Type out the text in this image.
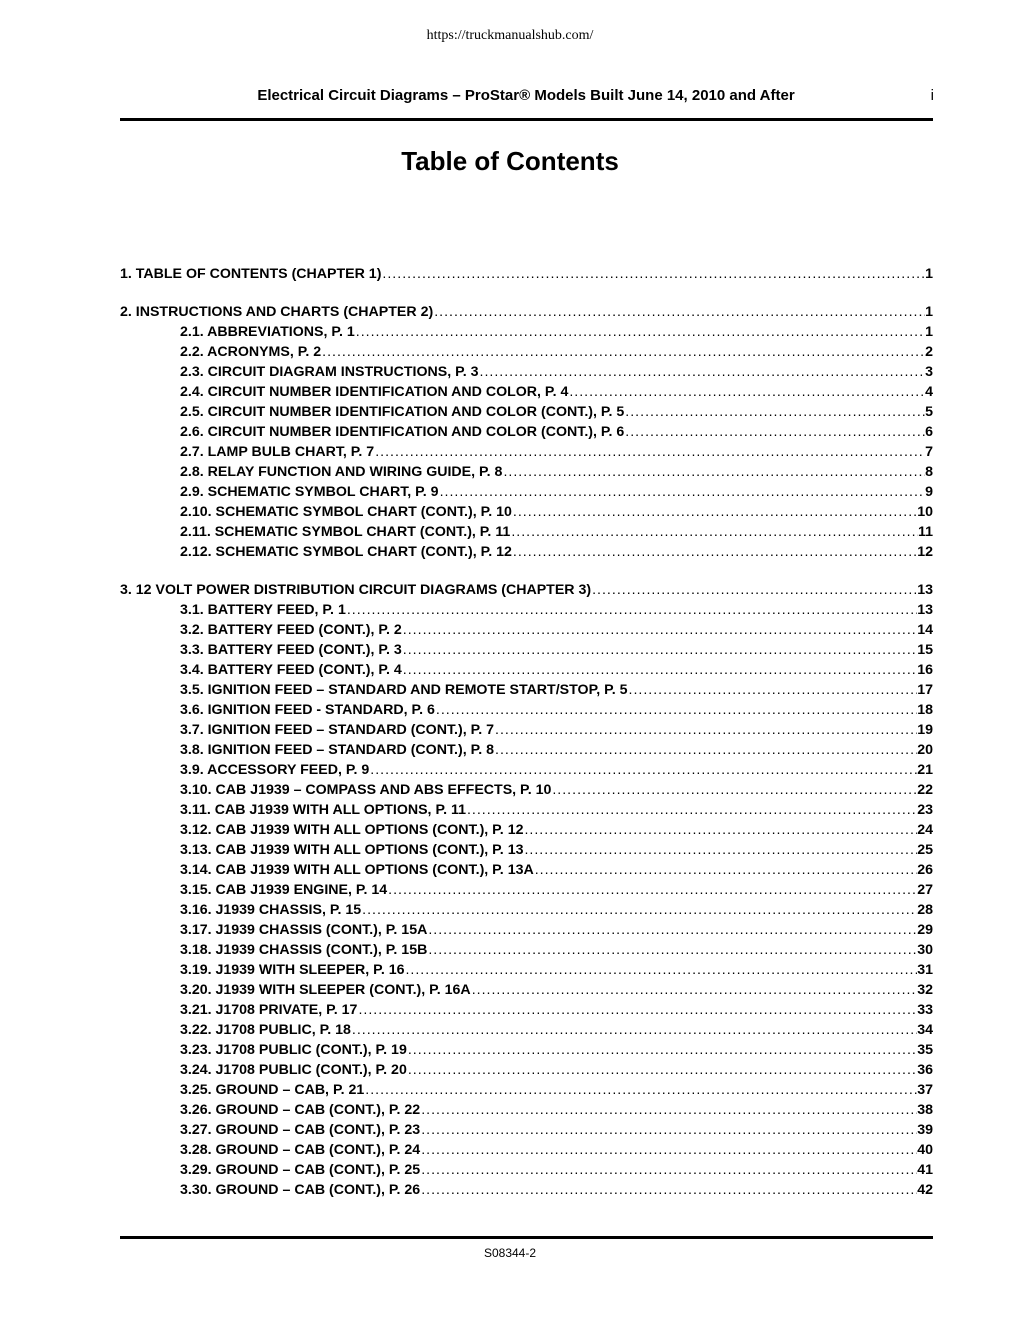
https://truckmanualshub.com/
Electrical Circuit Diagrams – ProStar® Models Built June 14, 2010 and After	i
Table of Contents
1. TABLE OF CONTENTS (CHAPTER 1) .....	1
2. INSTRUCTIONS AND CHARTS (CHAPTER 2) .....	1
2.1. ABBREVIATIONS, P. 1 .....	1
2.2. ACRONYMS, P. 2 .....	2
2.3. CIRCUIT DIAGRAM INSTRUCTIONS, P. 3 .....	3
2.4. CIRCUIT NUMBER IDENTIFICATION AND COLOR, P. 4 .....	4
2.5. CIRCUIT NUMBER IDENTIFICATION AND COLOR (CONT.), P. 5 .....	5
2.6. CIRCUIT NUMBER IDENTIFICATION AND COLOR (CONT.), P. 6 .....	6
2.7. LAMP BULB CHART, P. 7 .....	7
2.8. RELAY FUNCTION AND WIRING GUIDE, P. 8 .....	8
2.9. SCHEMATIC SYMBOL CHART, P. 9 .....	9
2.10. SCHEMATIC SYMBOL CHART (CONT.), P. 10 .....	10
2.11. SCHEMATIC SYMBOL CHART (CONT.), P. 11 .....	11
2.12. SCHEMATIC SYMBOL CHART (CONT.), P. 12 .....	12
3. 12 VOLT POWER DISTRIBUTION CIRCUIT DIAGRAMS (CHAPTER 3) .....	13
3.1. BATTERY FEED, P. 1 .....	13
3.2. BATTERY FEED (CONT.), P. 2 .....	14
3.3. BATTERY FEED (CONT.), P. 3 .....	15
3.4. BATTERY FEED (CONT.), P. 4 .....	16
3.5. IGNITION FEED – STANDARD AND REMOTE START/STOP, P. 5 .....	17
3.6. IGNITION FEED - STANDARD, P. 6 .....	18
3.7. IGNITION FEED – STANDARD (CONT.), P. 7 .....	19
3.8. IGNITION FEED – STANDARD (CONT.), P. 8 .....	20
3.9. ACCESSORY FEED, P. 9 .....	21
3.10. CAB J1939 – COMPASS AND ABS EFFECTS, P. 10 .....	22
3.11. CAB J1939 WITH ALL OPTIONS, P. 11 .....	23
3.12. CAB J1939 WITH ALL OPTIONS (CONT.), P. 12 .....	24
3.13. CAB J1939 WITH ALL OPTIONS (CONT.), P. 13 .....	25
3.14. CAB J1939 WITH ALL OPTIONS (CONT.), P. 13A .....	26
3.15. CAB J1939 ENGINE, P. 14 .....	27
3.16. J1939 CHASSIS, P. 15 .....	28
3.17. J1939 CHASSIS (CONT.), P. 15A .....	29
3.18. J1939 CHASSIS (CONT.), P. 15B .....	30
3.19. J1939 WITH SLEEPER, P. 16 .....	31
3.20. J1939 WITH SLEEPER (CONT.), P. 16A .....	32
3.21. J1708 PRIVATE, P. 17 .....	33
3.22. J1708 PUBLIC, P. 18 .....	34
3.23. J1708 PUBLIC (CONT.), P. 19 .....	35
3.24. J1708 PUBLIC (CONT.), P. 20 .....	36
3.25. GROUND – CAB, P. 21 .....	37
3.26. GROUND – CAB (CONT.), P. 22 .....	38
3.27. GROUND – CAB (CONT.), P. 23 .....	39
3.28. GROUND – CAB (CONT.), P. 24 .....	40
3.29. GROUND – CAB (CONT.), P. 25 .....	41
3.30. GROUND – CAB (CONT.), P. 26 .....	42
S08344-2
